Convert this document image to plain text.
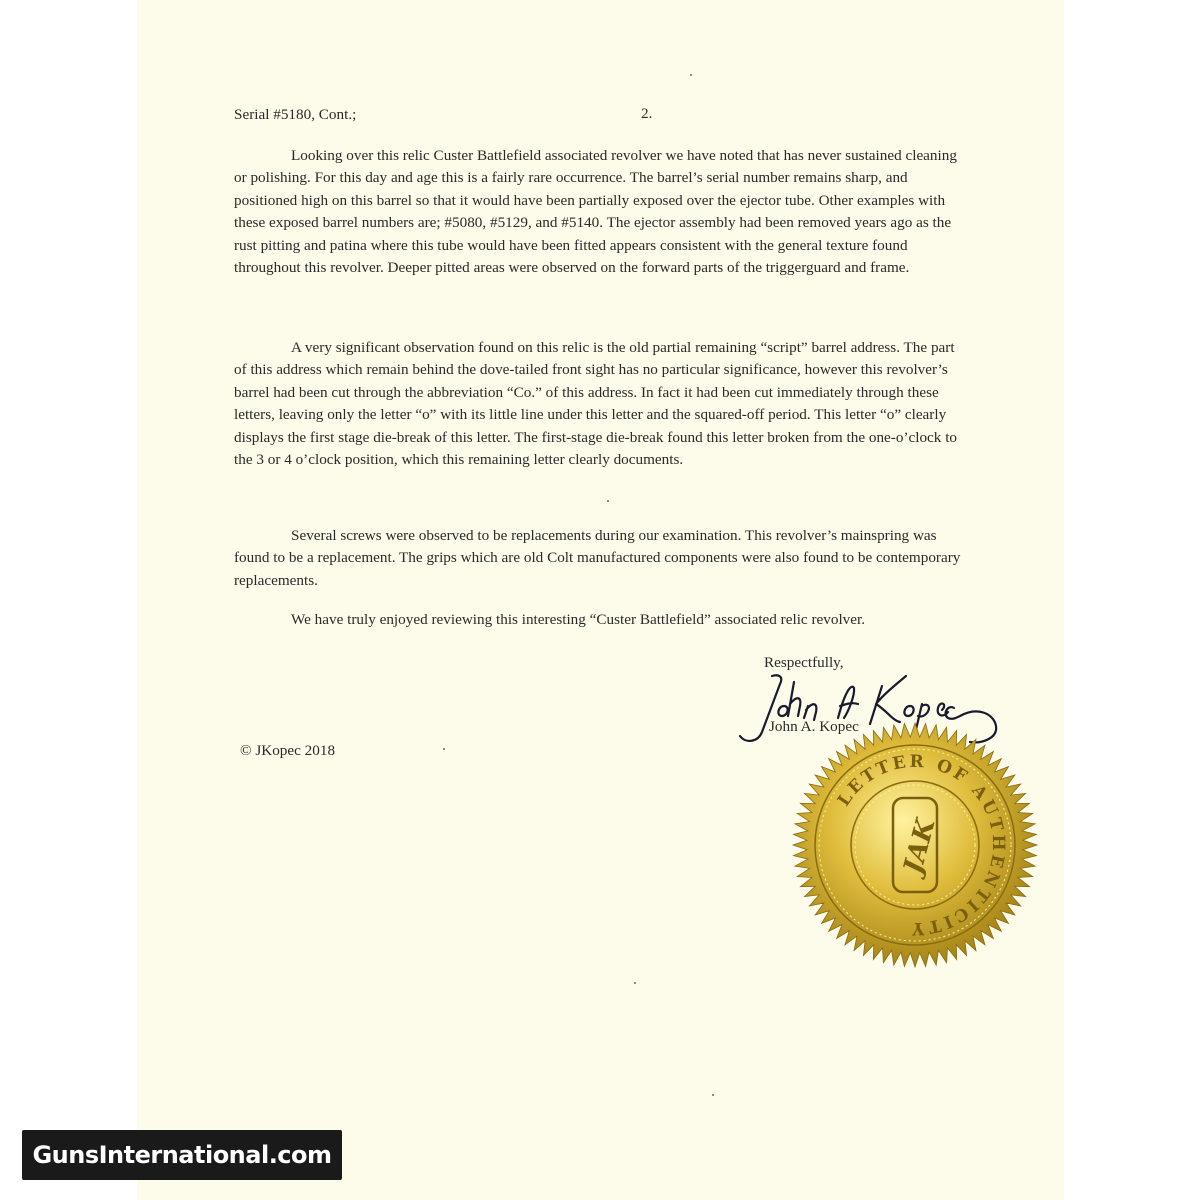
Serial #5180, Cont.;	2.

Looking over this relic Custer Battlefield associated revolver we have noted that has never sustained cleaning or polishing. For this day and age this is a fairly rare occurrence. The barrel’s serial number remains sharp, and positioned high on this barrel so that it would have been partially exposed over the ejector tube. Other examples with these exposed barrel numbers are; #5080, #5129, and #5140. The ejector assembly had been removed years ago as the rust pitting and patina where this tube would have been fitted appears consistent with the general texture found throughout this revolver. Deeper pitted areas were observed on the forward parts of the triggerguard and frame.

A very significant observation found on this relic is the old partial remaining “script” barrel address. The part of this address which remain behind the dove-tailed front sight has no particular significance, however this revolver’s barrel had been cut through the abbreviation “Co.” of this address. In fact it had been cut immediately through these letters, leaving only the letter “o” with its little line under this letter and the squared-off period. This letter “o” clearly displays the first stage die-break of this letter. The first-stage die-break found this letter broken from the one-o’clock to the 3 or 4 o’clock position, which this remaining letter clearly documents.

Several screws were observed to be replacements during our examination. This revolver’s mainspring was found to be a replacement. The grips which are old Colt manufactured components were also found to be contemporary replacements.

We have truly enjoyed reviewing this interesting “Custer Battlefield” associated relic revolver.

Respectfully,
John A. Kopec
© JKopec 2018
LETTER OF AUTHENTICITY
JAK
GunsInternational.com
